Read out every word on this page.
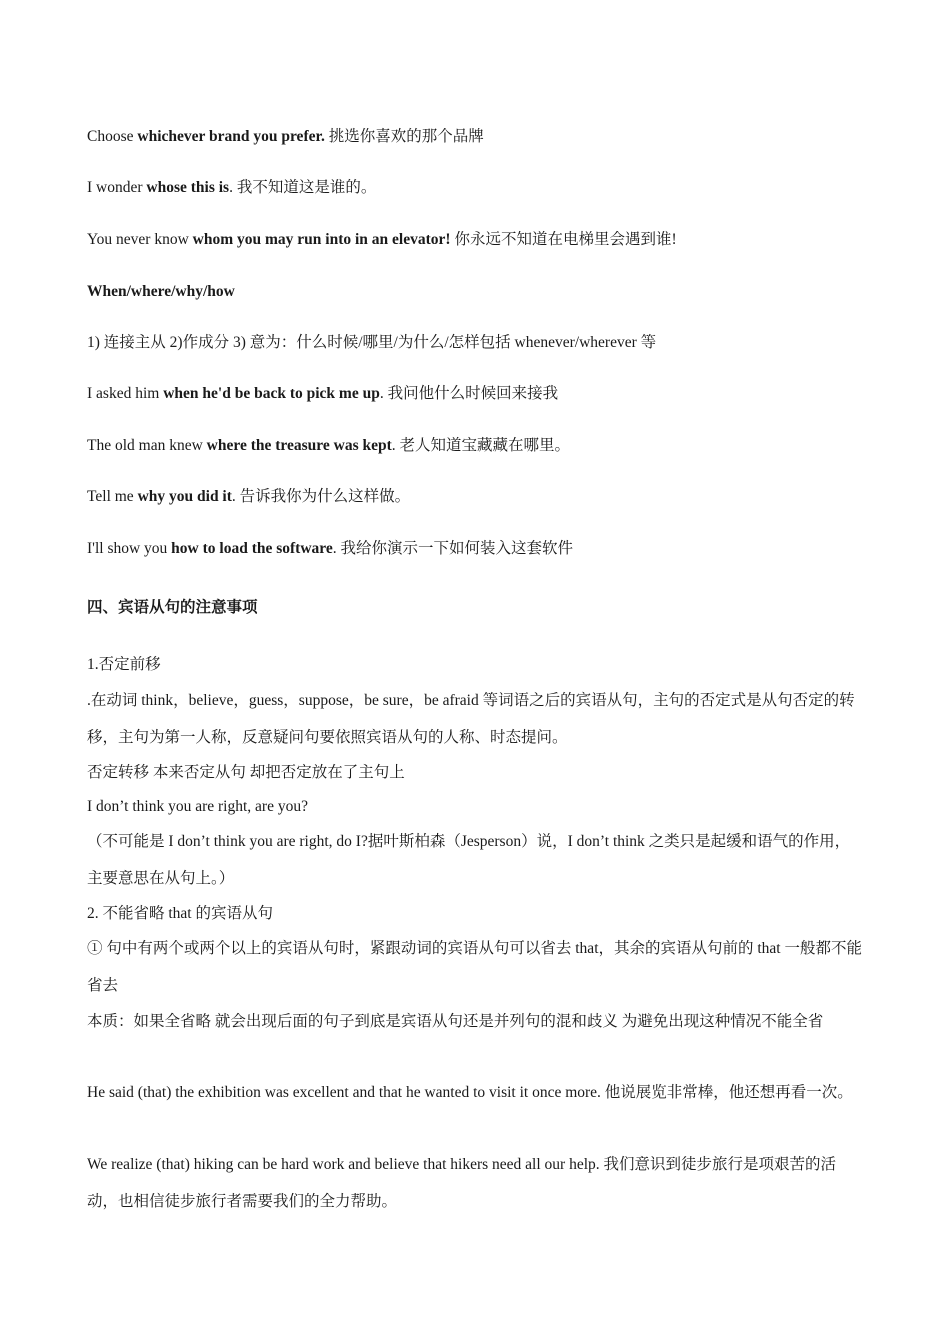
Choose whichever brand you prefer. 挑选你喜欢的那个品牌
I wonder whose this is. 我不知道这是谁的。
You never know whom you may run into in an elevator! 你永远不知道在电梯里会遇到谁!
When/where/why/how
1) 连接主从 2)作成分 3) 意为：什么时候/哪里/为什么/怎样包括 whenever/wherever 等
I asked him when he'd be back to pick me up. 我问他什么时候回来接我
The old man knew where the treasure was kept. 老人知道宝藏藏在哪里。
Tell me why you did it. 告诉我你为什么这样做。
I'll show you how to load the software. 我给你演示一下如何装入这套软件
四、宾语从句的注意事项
1.否定前移
.在动词 think，believe，guess，suppose，be sure，be afraid 等词语之后的宾语从句，主句的否定式是从句否定的转移，主句为第一人称，反意疑问句要依照宾语从句的人称、时态提问。
否定转移 本来否定从句 却把否定放在了主句上
I don’t think you are right, are you?
（不可能是 I don’t think you are right, do I?据叶斯柏森（Jesperson）说，I don’t think 之类只是起缓和语气的作用，主要意思在从句上。）
2. 不能省略 that 的宾语从句
① 句中有两个或两个以上的宾语从句时，紧跟动词的宾语从句可以省去 that，其余的宾语从句前的 that 一般都不能省去
本质：如果全省略 就会出现后面的句子到底是宾语从句还是并列句的混和歧义 为避免出现这种情况不能全省
He said (that) the exhibition was excellent and that he wanted to visit it once more. 他说展览非常棒，他还想再看一次。
We realize (that) hiking can be hard work and believe that hikers need all our help. 我们意识到徒步旅行是项艰苦的活动，也相信徒步旅行者需要我们的全力帮助。
